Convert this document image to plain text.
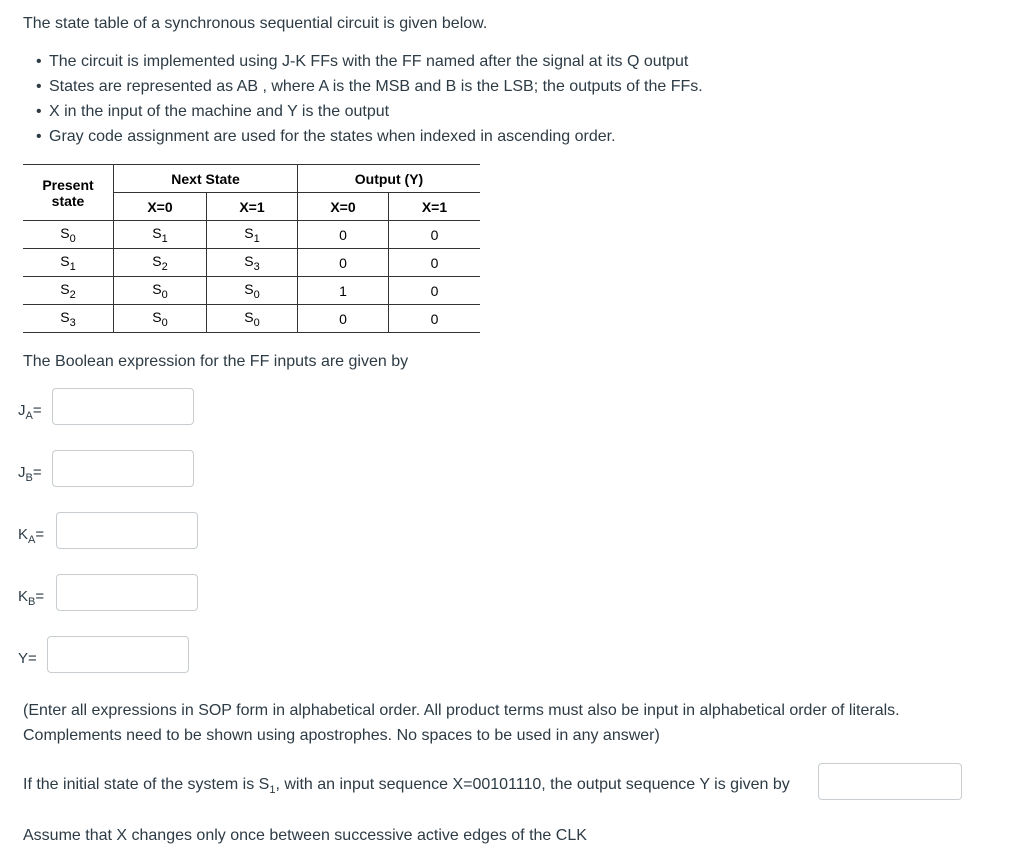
The state table of a synchronous sequential circuit is given below.
• The circuit is implemented using J-K FFs with the FF named after the signal at its Q output
• States are represented as AB , where A is the MSB and B is the LSB; the outputs of the FFs.
• X in the input of the machine and Y is the output
• Gray code assignment are used for the states when indexed in ascending order.
Present
state	Next State		Output (Y)	
	X=0	X=1	X=0	X=1
$S_0$	$S_1$	$S_1$	0	0
$S_1$	$S_2$	$S_3$	0	0
$S_2$	$S_0$	$S_0$	1	0
$S_3$	$S_0$	$S_0$	0	0
The Boolean expression for the FF inputs are given by
$J_A=$
$J_B=$
$K_A=$
$K_B=$
Y=
(Enter all expressions in SOP form in alphabetical order. All product terms must also be input in alphabetical order of literals.
Complements need to be shown using apostrophes. No spaces to be used in any answer)
If the initial state of the system is $S_1$, with an input sequence X=00101110, the output sequence Y is given by
Assume that X changes only once between successive active edges of the CLK
